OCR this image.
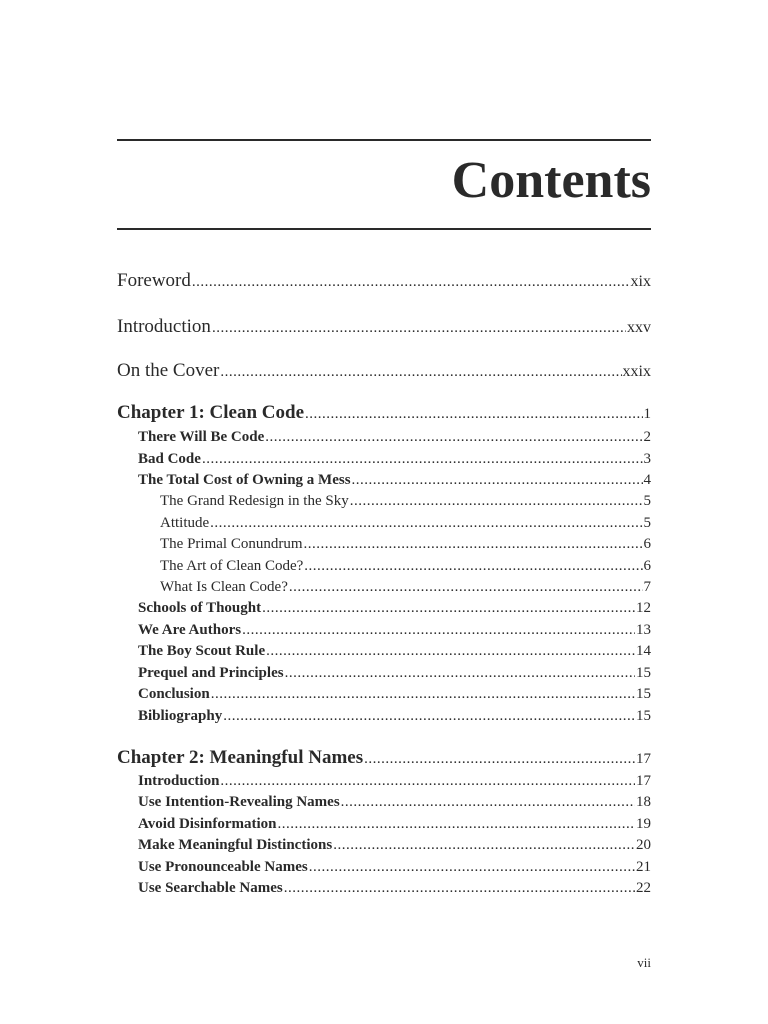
Contents
Foreword .....	xix
Introduction .....	xxv
On the Cover .....	xxix
Chapter 1: Clean Code .....	1
There Will Be Code .....	2
Bad Code .....	3
The Total Cost of Owning a Mess .....	4
The Grand Redesign in the Sky .....	5
Attitude .....	5
The Primal Conundrum .....	6
The Art of Clean Code? .....	6
What Is Clean Code? .....	7
Schools of Thought .....	12
We Are Authors .....	13
The Boy Scout Rule .....	14
Prequel and Principles .....	15
Conclusion .....	15
Bibliography .....	15
Chapter 2: Meaningful Names .....	17
Introduction .....	17
Use Intention-Revealing Names .....	18
Avoid Disinformation .....	19
Make Meaningful Distinctions .....	20
Use Pronounceable Names .....	21
Use Searchable Names .....	22
vii
